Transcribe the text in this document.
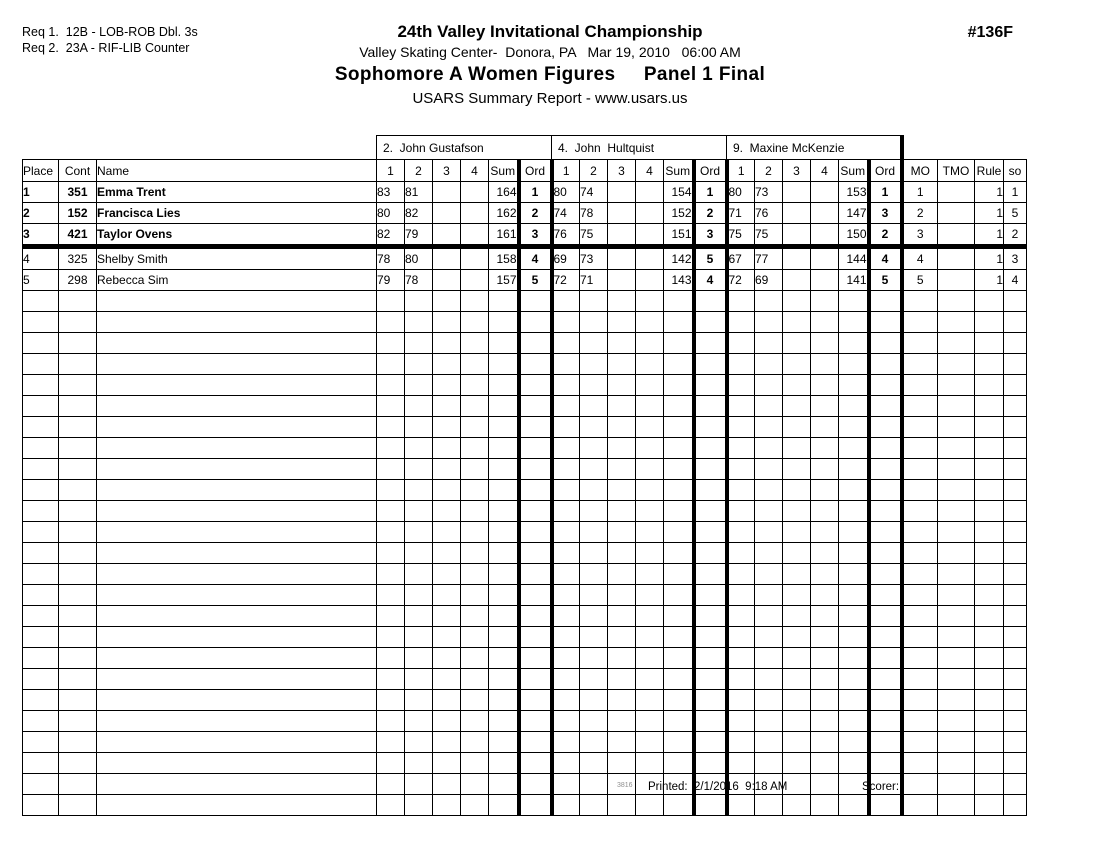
Req 1.  12B - LOB-ROB Dbl. 3s
Req 2.  23A - RIF-LIB Counter
24th Valley Invitational Championship
Valley Skating Center-  Donora, PA   Mar 19, 2010   06:00 AM
Sophomore A Women Figures     Panel 1 Final
USARS Summary Report - www.usars.us
#136F
			2.  John Gustafson						4.  John  Hultquist						9.  Maxine McKenzie									
Place	Cont	Name	1	2	3	4	Sum	Ord	1	2	3	4	Sum	Ord	1	2	3	4	Sum	Ord	MO	TMO	Rule	so
1	351	Emma Trent	83	81			164	1	80	74			154	1	80	73			153	1	1		1	1
2	152	Francisca Lies	80	82			162	2	74	78			152	2	71	76			147	3	2		1	5
3	421	Taylor Ovens	82	79			161	3	76	75			151	3	75	75			150	2	3		1	2
4	325	Shelby Smith	78	80			158	4	69	73			142	5	67	77			144	4	4		1	3
5	298	Rebecca Sim	79	78			157	5	72	71			143	4	72	69			141	5	5		1	4

3816 Printed:  2/1/2016  9:18 AM	Scorer:
